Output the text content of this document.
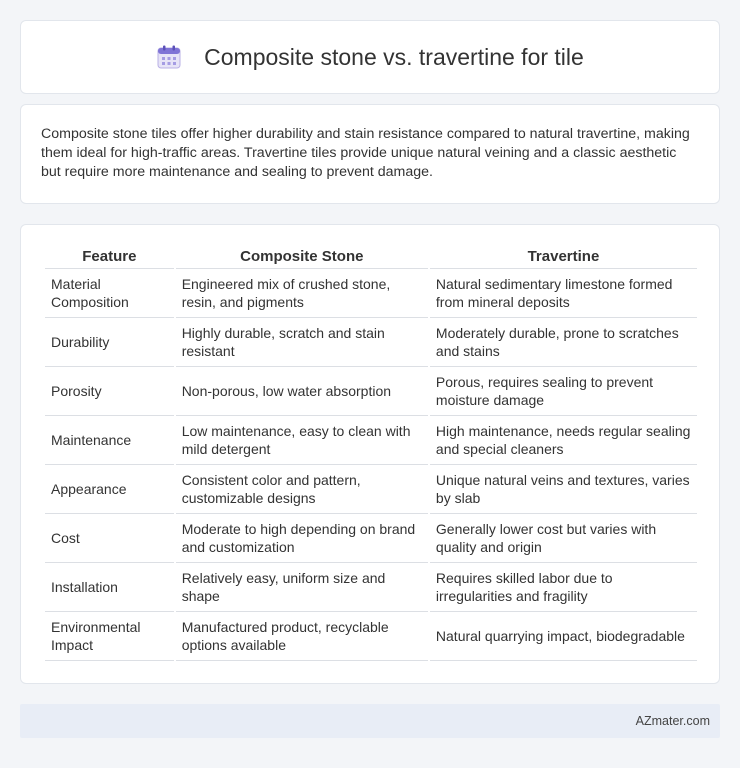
Composite stone vs. travertine for tile

Composite stone tiles offer higher durability and stain resistance compared to natural travertine, making them ideal for high-traffic areas. Travertine tiles provide unique natural veining and a classic aesthetic but require more maintenance and sealing to prevent damage.

Feature	Composite Stone	Travertine
Material Composition	Engineered mix of crushed stone, resin, and pigments	Natural sedimentary limestone formed from mineral deposits
Durability	Highly durable, scratch and stain resistant	Moderately durable, prone to scratches and stains
Porosity	Non-porous, low water absorption	Porous, requires sealing to prevent moisture damage
Maintenance	Low maintenance, easy to clean with mild detergent	High maintenance, needs regular sealing and special cleaners
Appearance	Consistent color and pattern, customizable designs	Unique natural veins and textures, varies by slab
Cost	Moderate to high depending on brand and customization	Generally lower cost but varies with quality and origin
Installation	Relatively easy, uniform size and shape	Requires skilled labor due to irregularities and fragility
Environmental Impact	Manufactured product, recyclable options available	Natural quarrying impact, biodegradable
AZmater.com
